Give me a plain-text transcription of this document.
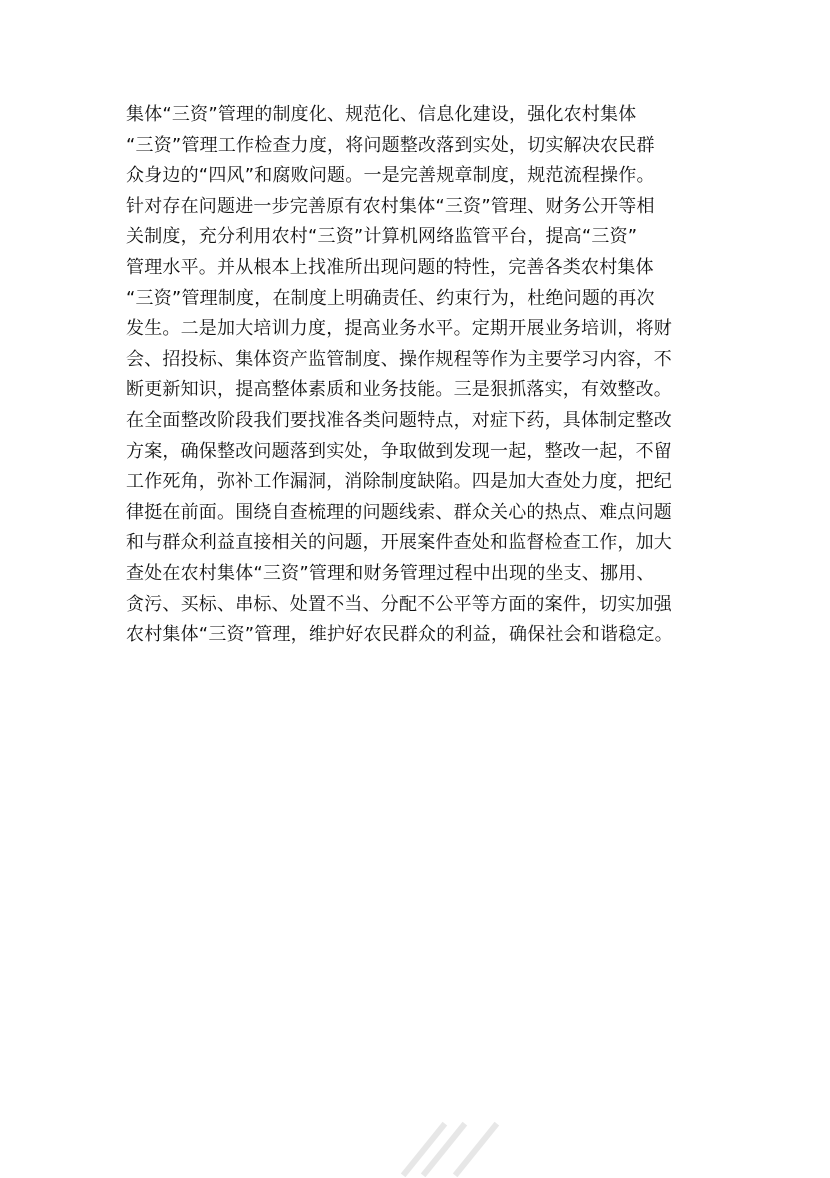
集体“三资”管理的制度化、规范化、信息化建设，强化农村集体
“三资”管理工作检查力度，将问题整改落到实处，切实解决农民群
众身边的“四风”和腐败问题。一是完善规章制度，规范流程操作。
针对存在问题进一步完善原有农村集体“三资”管理、财务公开等相
关制度，充分利用农村“三资”计算机网络监管平台，提高“三资”
管理水平。并从根本上找准所出现问题的特性，完善各类农村集体
“三资”管理制度，在制度上明确责任、约束行为，杜绝问题的再次
发生。二是加大培训力度，提高业务水平。定期开展业务培训，将财
会、招投标、集体资产监管制度、操作规程等作为主要学习内容，不
断更新知识，提高整体素质和业务技能。三是狠抓落实，有效整改。
在全面整改阶段我们要找准各类问题特点，对症下药，具体制定整改
方案，确保整改问题落到实处，争取做到发现一起，整改一起，不留
工作死角，弥补工作漏洞，消除制度缺陷。四是加大查处力度，把纪
律挺在前面。围绕自查梳理的问题线索、群众关心的热点、难点问题
和与群众利益直接相关的问题，开展案件查处和监督检查工作，加大
查处在农村集体“三资”管理和财务管理过程中出现的坐支、挪用、
贪污、买标、串标、处置不当、分配不公平等方面的案件，切实加强
农村集体“三资”管理，维护好农民群众的利益，确保社会和谐稳定。
